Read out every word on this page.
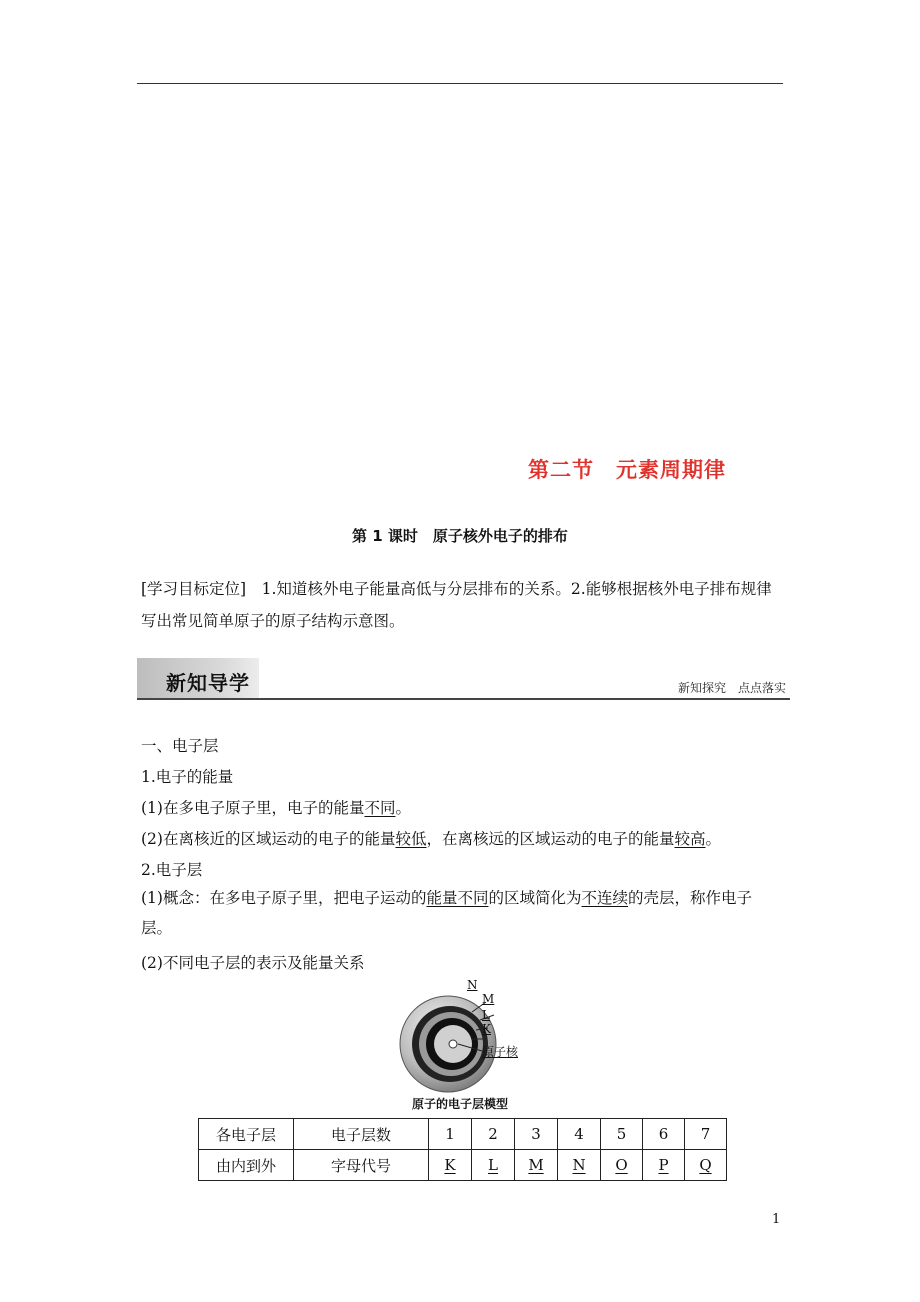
第二节　元素周期律
第 1 课时　原子核外电子的排布
[学习目标定位]　1.知道核外电子能量高低与分层排布的关系。2.能够根据核外电子排布规律写出常见简单原子的原子结构示意图。
新知导学	新知探究　点点落实
一、电子层
1.电子的能量
(1)在多电子原子里，电子的能量不同。
(2)在离核近的区域运动的电子的能量较低，在离核远的区域运动的电子的能量较高。
2.电子层
(1)概念：在多电子原子里，把电子运动的能量不同的区域简化为不连续的壳层，称作电子层。
(2)不同电子层的表示及能量关系
N
M
L
K
原子核
原子的电子层模型
各电子层	电子层数	1	2	3	4	5	6	7
由内到外	字母代号	K	L	M	N	O	P	Q
1
